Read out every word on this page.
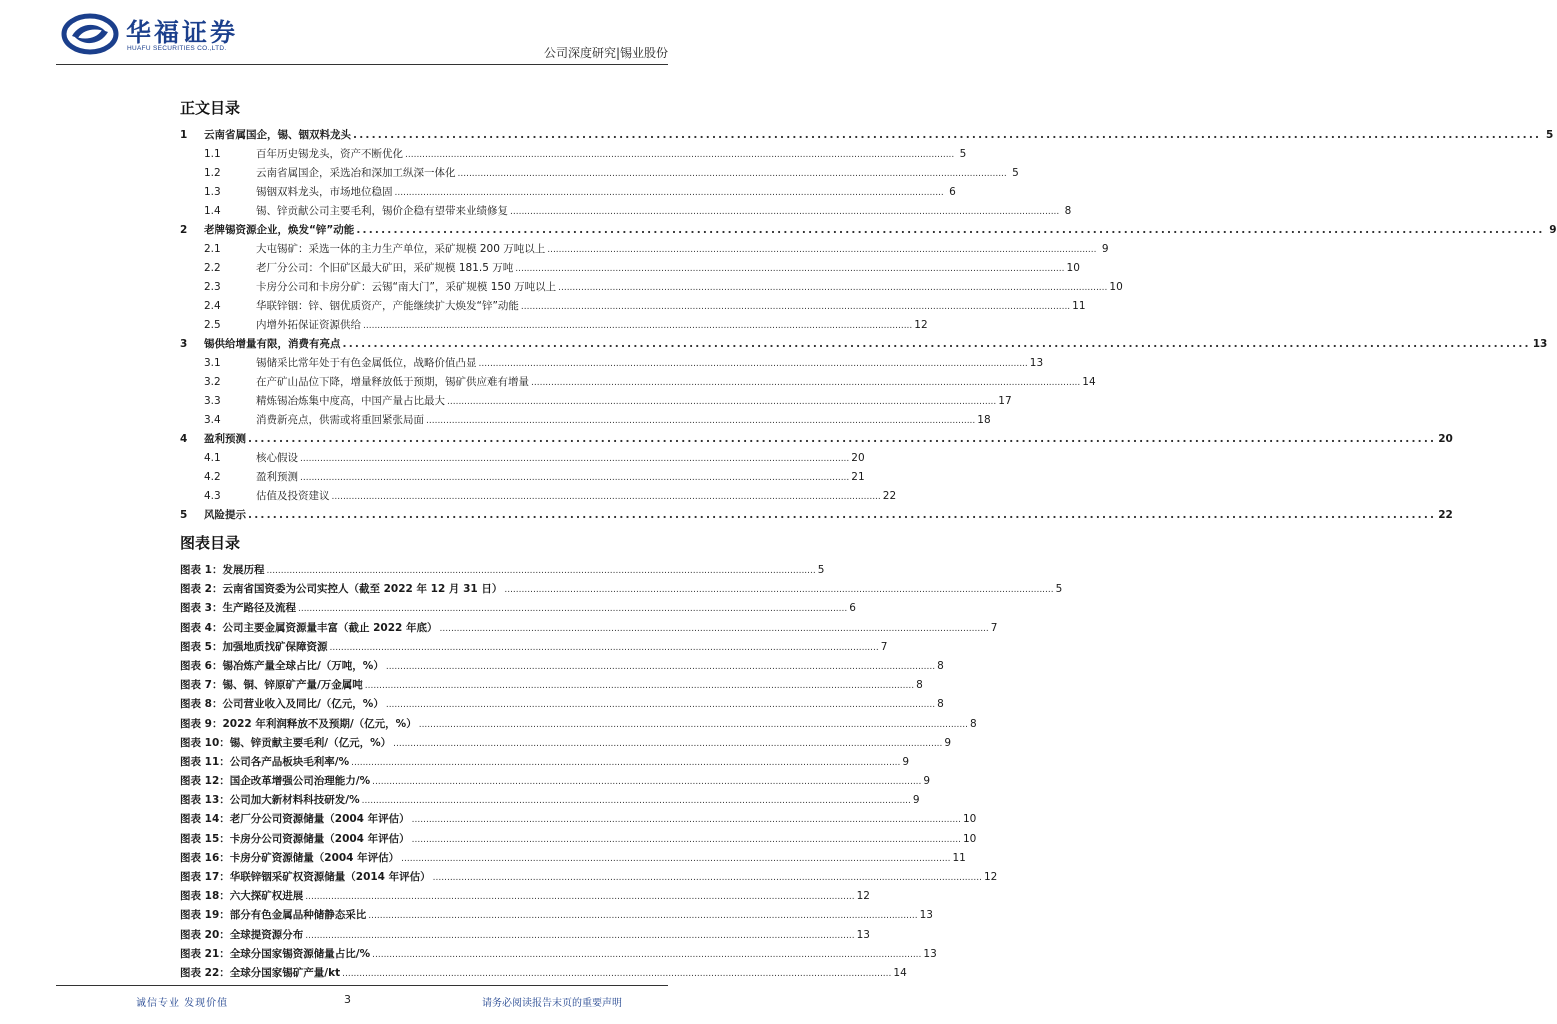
华福证券
HUAFU SECURITIES CO.,LTD.	公司深度研究|锡业股份
正文目录
1	云南省属国企，锡、铟双料龙头 ................................................................................................................................................................................................ 5
1.1	百年历史锡龙头，资产不断优化 ................................................................................................................................................................................................ 5
1.2	云南省属国企，采选冶和深加工纵深一体化 ................................................................................................................................................................................................ 5
1.3	锡铟双料龙头，市场地位稳固 ................................................................................................................................................................................................ 6
1.4	锡、锌贡献公司主要毛利，锡价企稳有望带来业绩修复 ................................................................................................................................................................................................ 8
2	老牌锡资源企业，焕发“锌”动能 ................................................................................................................................................................................................ 9
2.1	大屯锡矿：采选一体的主力生产单位，采矿规模 200 万吨以上 ................................................................................................................................................................................................ 9
2.2	老厂分公司：个旧矿区最大矿田，采矿规模 181.5 万吨 ................................................................................................................................................................................................ 10
2.3	卡房分公司和卡房分矿：云锡“南大门”，采矿规模 150 万吨以上 ................................................................................................................................................................................................ 10
2.4	华联锌铟：锌、铟优质资产，产能继续扩大焕发“锌”动能 ................................................................................................................................................................................................ 11
2.5	内增外拓保证资源供给 ................................................................................................................................................................................................ 12
3	锡供给增量有限，消费有亮点 ................................................................................................................................................................................................ 13
3.1	锡储采比常年处于有色金属低位，战略价值凸显 ................................................................................................................................................................................................ 13
3.2	在产矿山品位下降，增量释放低于预期，锡矿供应难有增量 ................................................................................................................................................................................................ 14
3.3	精炼锡冶炼集中度高，中国产量占比最大 ................................................................................................................................................................................................ 17
3.4	消费新亮点，供需或将重回紧张局面 ................................................................................................................................................................................................ 18
4	盈利预测 ................................................................................................................................................................................................ 20
4.1	核心假设 ................................................................................................................................................................................................ 20
4.2	盈利预测 ................................................................................................................................................................................................ 21
4.3	估值及投资建议 ................................................................................................................................................................................................ 22
5	风险提示 ................................................................................................................................................................................................ 22
图表目录
图表 1：发展历程 ................................................................................................................................................................................................ 5
图表 2：云南省国资委为公司实控人（截至 2022 年 12 月 31 日） ................................................................................................................................................................................................ 5
图表 3：生产路径及流程 ................................................................................................................................................................................................ 6
图表 4：公司主要金属资源量丰富（截止 2022 年底） ................................................................................................................................................................................................ 7
图表 5：加强地质找矿保障资源 ................................................................................................................................................................................................ 7
图表 6：锡冶炼产量全球占比/（万吨，%） ................................................................................................................................................................................................ 8
图表 7：锡、铜、锌原矿产量/万金属吨 ................................................................................................................................................................................................ 8
图表 8：公司营业收入及同比/（亿元，%） ................................................................................................................................................................................................ 8
图表 9：2022 年利润释放不及预期/（亿元，%） ................................................................................................................................................................................................ 8
图表 10：锡、锌贡献主要毛利/（亿元，%） ................................................................................................................................................................................................ 9
图表 11：公司各产品板块毛利率/% ................................................................................................................................................................................................ 9
图表 12：国企改革增强公司治理能力/% ................................................................................................................................................................................................ 9
图表 13：公司加大新材料科技研发/% ................................................................................................................................................................................................ 9
图表 14：老厂分公司资源储量（2004 年评估） ................................................................................................................................................................................................ 10
图表 15：卡房分公司资源储量（2004 年评估） ................................................................................................................................................................................................ 10
图表 16：卡房分矿资源储量（2004 年评估） ................................................................................................................................................................................................ 11
图表 17：华联锌铟采矿权资源储量（2014 年评估） ................................................................................................................................................................................................ 12
图表 18：六大探矿权进展 ................................................................................................................................................................................................ 12
图表 19：部分有色金属品种储静态采比 ................................................................................................................................................................................................ 13
图表 20：全球提资源分布 ................................................................................................................................................................................................ 13
图表 21：全球分国家锡资源储量占比/% ................................................................................................................................................................................................ 13
图表 22：全球分国家锡矿产量/kt ................................................................................................................................................................................................ 14
诚信专业 发现价值	3	请务必阅读报告末页的重要声明
